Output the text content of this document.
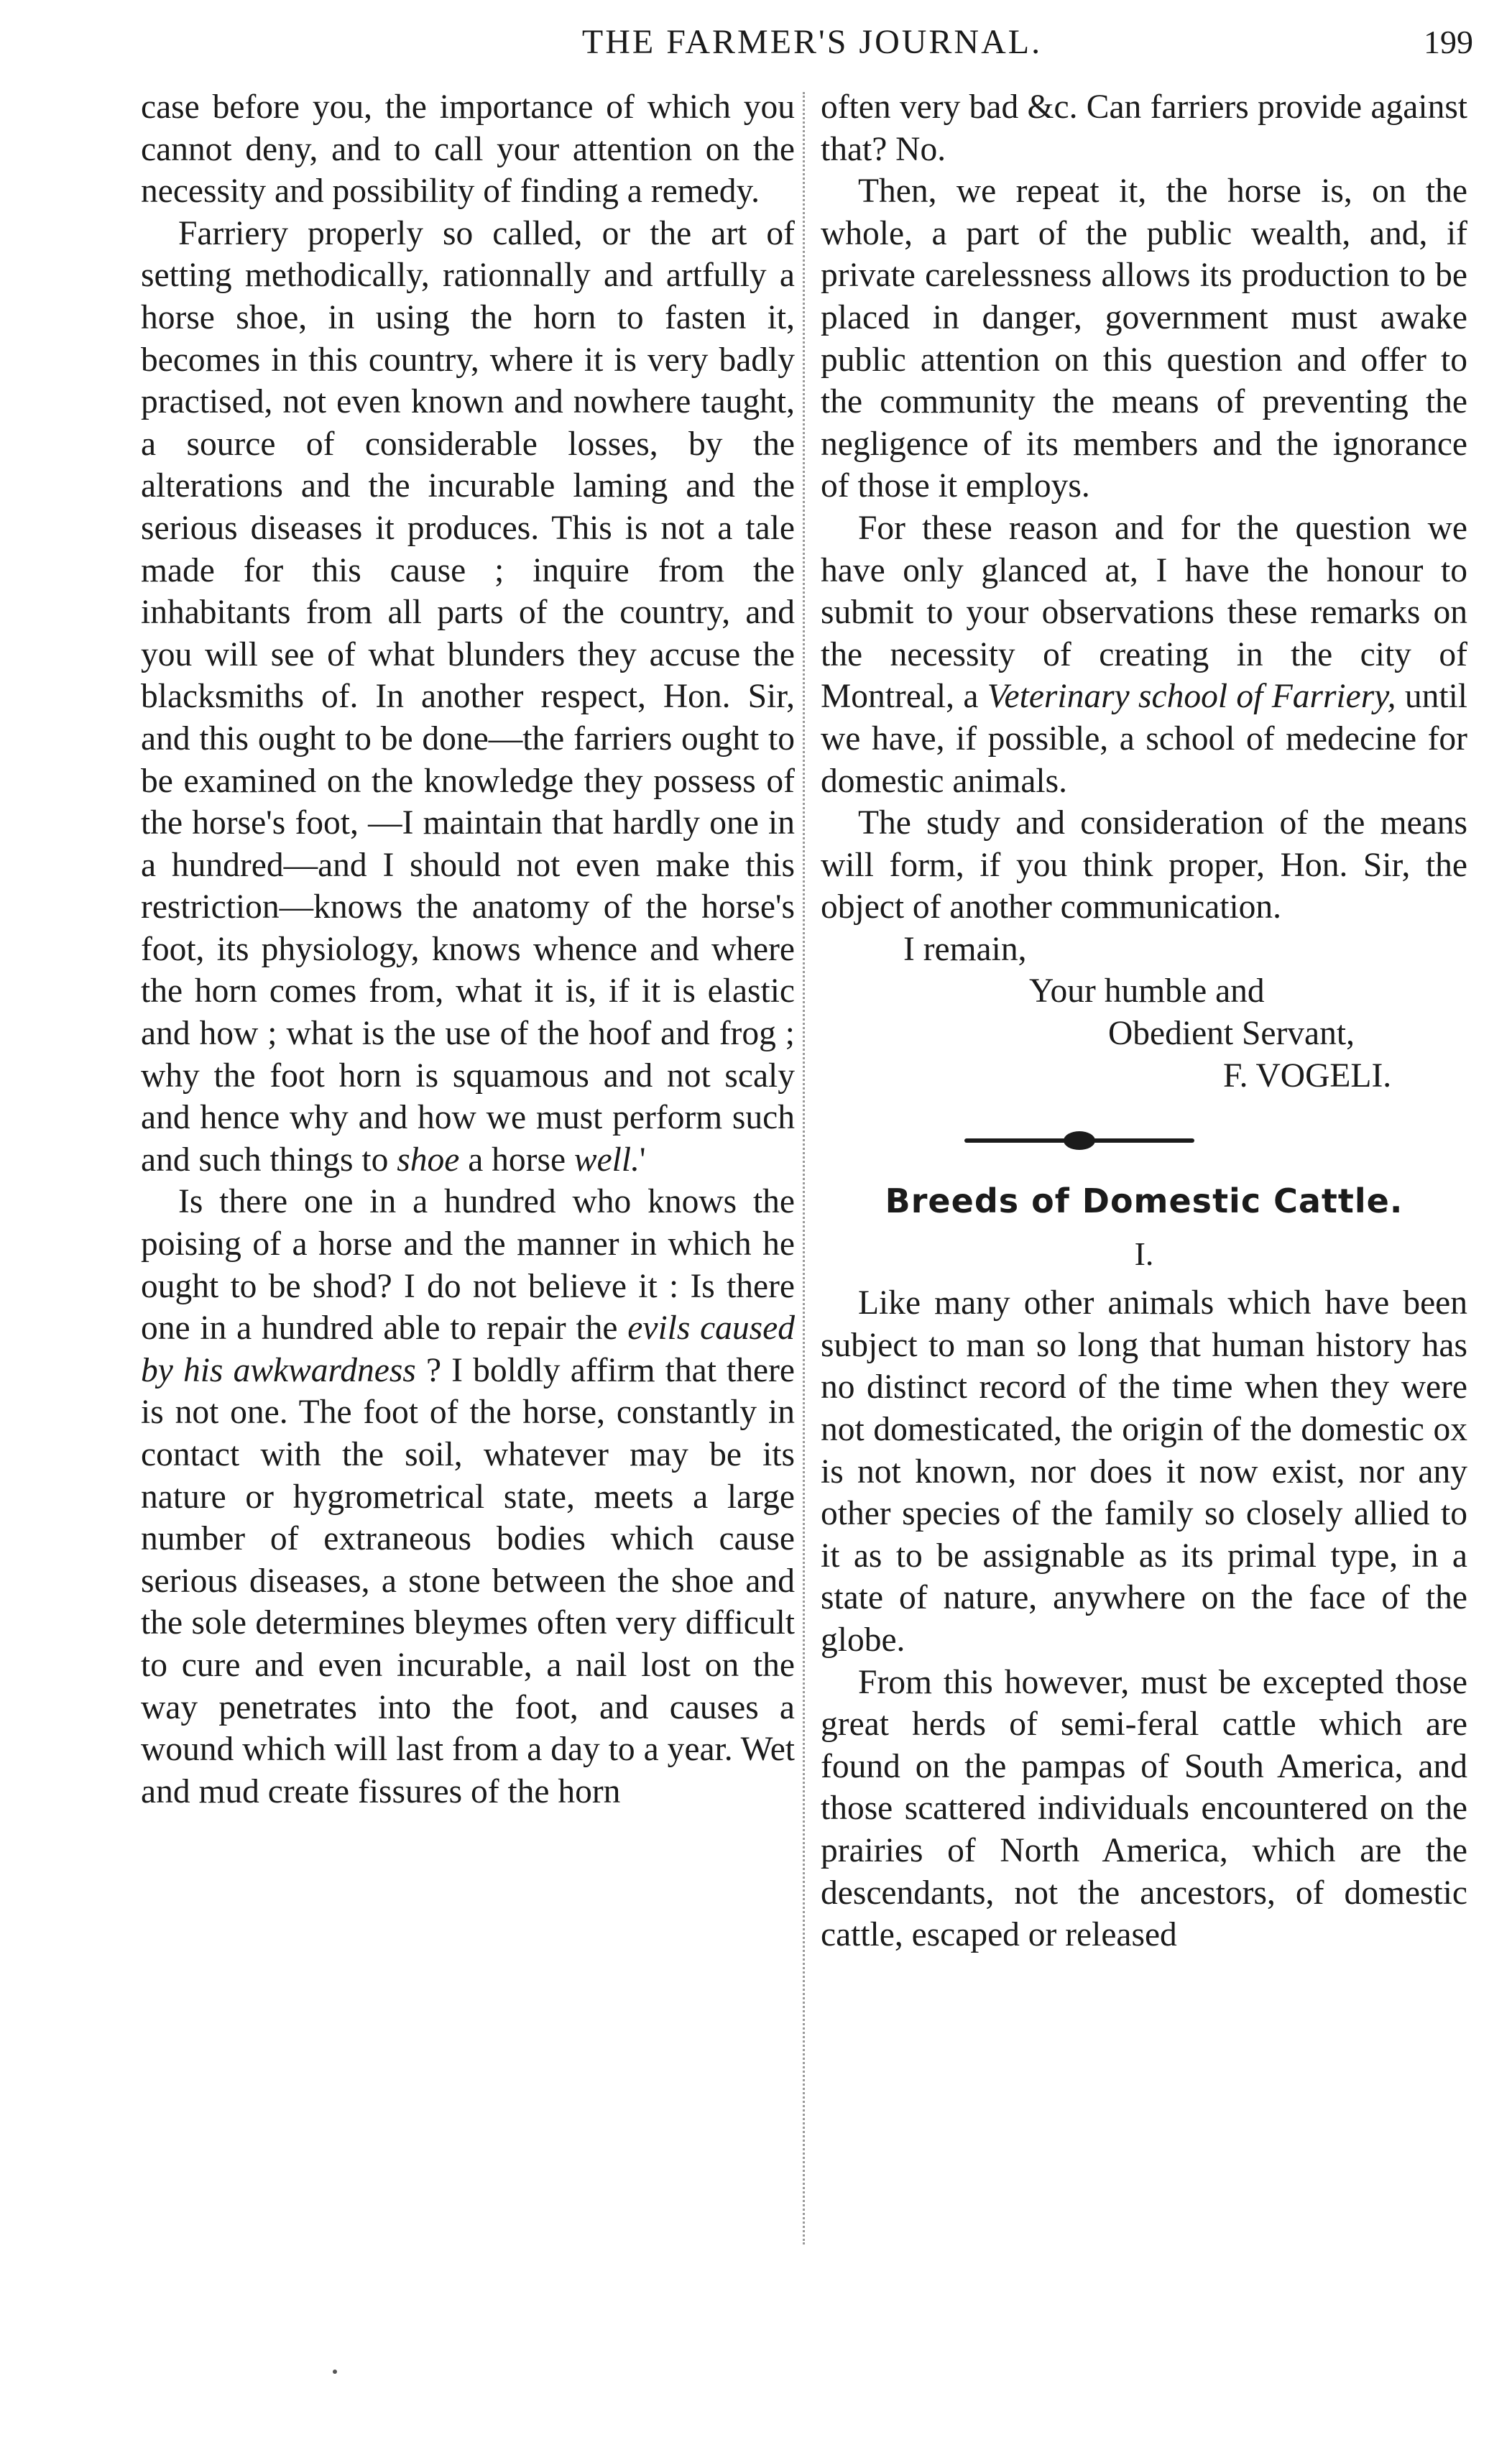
THE FARMER'S JOURNAL.	199

case before you, the importance of which you cannot deny, and to call your attention on the necessity and possibility of finding a remedy.

Farriery properly so called, or the art of setting methodically, rationnally and artfully a horse shoe, in using the horn to fasten it, becomes in this country, where it is very badly practised, not even known and nowhere taught, a source of considerable losses, by the alterations and the incurable laming and the serious diseases it produces. This is not a tale made for this cause ; inquire from the inhabitants from all parts of the country, and you will see of what blunders they accuse the blacksmiths of. In another respect, Hon. Sir, and this ought to be done—the farriers ought to be examined on the knowledge they possess of the horse's foot, —I maintain that hardly one in a hundred—and I should not even make this restriction—knows the anatomy of the horse's foot, its physiology, knows whence and where the horn comes from, what it is, if it is elastic and how ; what is the use of the hoof and frog ; why the foot horn is squamous and not scaly and hence why and how we must perform such and such things to shoe a horse well.'

Is there one in a hundred who knows the poising of a horse and the manner in which he ought to be shod? I do not believe it : Is there one in a hundred able to repair the evils caused by his awkwardness ? I boldly affirm that there is not one. The foot of the horse, constantly in contact with the soil, whatever may be its nature or hygrometrical state, meets a large number of extraneous bodies which cause serious diseases, a stone between the shoe and the sole determines bleymes often very difficult to cure and even incurable, a nail lost on the way penetrates into the foot, and causes a wound which will last from a day to a year. Wet and mud create fissures of the horn

often very bad &c. Can farriers provide against that? No.

Then, we repeat it, the horse is, on the whole, a part of the public wealth, and, if private carelessness allows its production to be placed in danger, government must awake public attention on this question and offer to the community the means of preventing the negligence of its members and the ignorance of those it employs.

For these reason and for the question we have only glanced at, I have the honour to submit to your observations these remarks on the necessity of creating in the city of Montreal, a Veterinary school of Farriery, until we have, if possible, a school of medecine for domestic animals.

The study and consideration of the means will form, if you think proper, Hon. Sir, the object of another communication.

I remain,
Your humble and
Obedient Servant,
F. VOGELI.

Breeds of Domestic Cattle.

I.

Like many other animals which have been subject to man so long that human history has no distinct record of the time when they were not domesticated, the origin of the domestic ox is not known, nor does it now exist, nor any other species of the family so closely allied to it as to be assignable as its primal type, in a state of nature, anywhere on the face of the globe.

From this however, must be excepted those great herds of semi-feral cattle which are found on the pampas of South America, and those scattered individuals encountered on the prairies of North America, which are the descendants, not the ancestors, of domestic cattle, escaped or released
